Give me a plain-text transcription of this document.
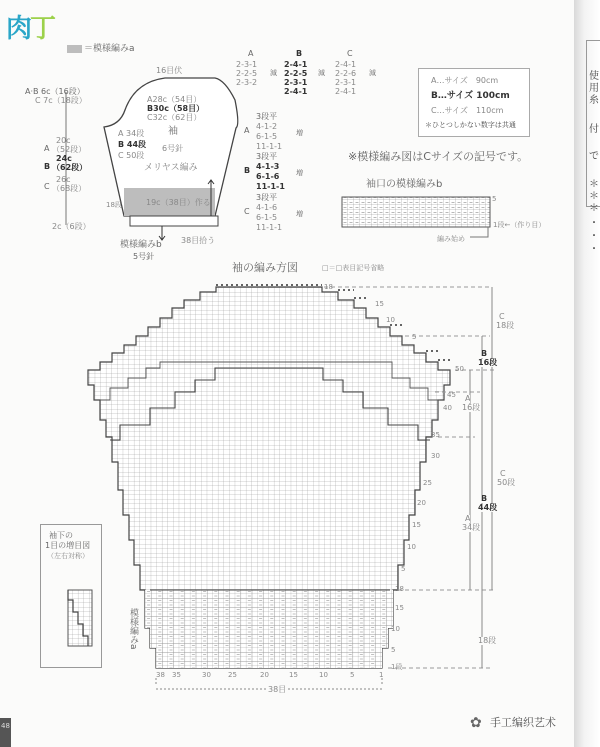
肉丁
＝模様編みa
16目伏
A·B 6c（16段）
C 7c（18段）	A28c（54目）
B30c（58目）
C32c（62目）
A 34段
B 44段
C 50段
袖
6号針
メリヤス編み
18段	19c（38目）作る
A
20c
（52段）
B
24c
（62段）
C
26c
（68段）
2c（6段）
模様編みb
5号針
38目拾う
A
2-3-1
2-2-5
2-3-2
減
B
2-4-1
2-2-5
2-3-1
2-4-1
減
C
2-4-1
2-2-6
2-3-1
2-4-1
減
A
3段平
4-1-2
6-1-5
11-1-1
増
B
3段平
4-1-3
6-1-6
11-1-1
増
C
3段平
4-1-6
6-1-5
11-1-1
増
A…サイズ　90cm
B…サイズ 100cm
C…サイズ　110cm
＊ひとつしかない数字は共通
※模様編み図はCサイズの記号です。
袖口の模様編みb
5
1段←（作り目）
編み始め
袖の編み方図	□＝□表目記号省略
18
15
10
5
50
45
40
35
30
25
20
15
10
5
18
15
10
5
1段
38 35	30 25	20	15	10	5	1
C
18段
B
16段
A
16段
C
50段
B
44段
A
34段
18段
模様編みa
38目
袖下の
1目の増目図
（左右対称）
使
用
糸
付
で
＊
＊
＊
・
・
・
48	✿ 手工编织艺术
